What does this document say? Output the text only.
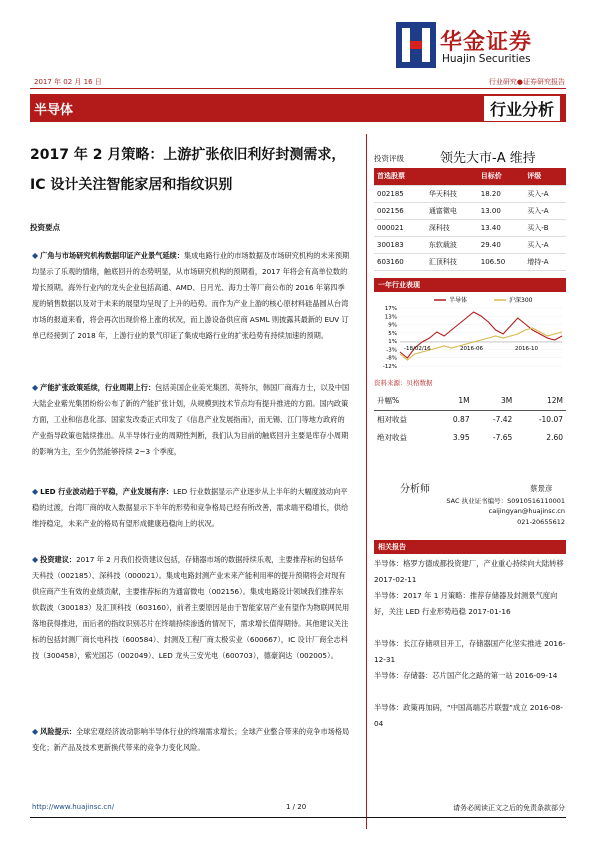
华金证券
Huajin Securities
2017 年 02 月 16 日	行业研究●证券研究报告
半导体	行业分析
2017 年 2 月策略：上游扩张依旧利好封测需求，IC 设计关注智能家居和指纹识别
投资要点
◆ 广角与市场研究机构数据印证产业景气延续：集成电路行业的市场数据及市场研究机构的未来预期均显示了乐观的情绪，触底回升的态势明显，从市场研究机构的预期看，2017 年将会有高单位数的增长预期。海外行业内的龙头企业包括高通、AMD、日月光、海力士等厂商公布的 2016 年第四季度的销售数据以及对于未来的展望均呈现了上升的趋势。而作为产业上游的核心原材料硅晶圆从台湾市场的报道来看，将会再次出现价格上涨的状况，而上游设备供应商 ASML 则披露其最新的 EUV 订单已经接到了 2018 年，上游行业的景气印证了集成电路行业的扩张趋势有持续加速的预期。
◆ 产能扩张政策延续，行业周期上行：包括美国企业美光集团、英特尔，韩国厂商海力士，以及中国大陆企业紫光集团纷纷公布了新的产能扩张计划，从规模到技术节点均有提升推进的方面。国内政策方面，工业和信息化部、国家发改委正式印发了《信息产业发展指南》，而无锡、江门等地方政府的产业指导政策也陆续推出。从半导体行业的周期性判断，我们认为目前的触底回升主要是库存小周期的影响为主，至少仍然能够持续 2~3 个季度，
◆ LED 行业波动趋于平稳，产业发展有序：LED 行业数据显示产业逐步从上半年的大幅度波动向平稳的过渡，台湾厂商的收入数据显示下半年的形势和竞争格局已经有所改善，需求端平稳增长，供给维持稳定，未来产业的格局有望形成健康趋稳向上的状况。
◆ 投资建议：2017 年 2 月我们投资建议包括，存储器市场的数据持续乐观，主要推荐标的包括华天科技（002185）、深科技（000021）。集成电路封测产业未来产能利用率的提升预期将会对现有供应商产生有效的业绩贡献，主要推荐标的为通富微电（002156）。集成电路设计领域我们推荐东软载波（300183）及汇顶科技（603160），前者主要原因是由于智能家居产业有望作为物联网民用落地获得推进，而后者的指纹识别芯片在终端持续渗透的情况下，需求增长值得期待。其他建议关注标的包括封测厂商长电科技（600584）、封测及工程厂商太极实业（600667），IC 设计厂商全志科技（300458），紫光国芯（002049）、LED 龙头三安光电（600703），德豪润达（002005）。
◆ 风险提示：全球宏观经济波动影响半导体行业的终端需求增长；全球产业整合带来的竞争市场格局变化；新产品及技术更新换代带来的竞争力变化风险。
投资评级	领先大市-A 维持
首选股票		目标价	评级
002185	华天科技	18.20	买入-A
002156	通富微电	13.00	买入-A
000021	深科技	13.40	买入-B
300183	东软载波	29.40	买入-A
603160	汇顶科技	106.50	增持-A
一年行业表现
17%
13%
9%
5%
1%
-3%
-8%
-12%
半导体	沪深300
-18/02/16	2016-06	2016-10
资料来源：贝格数据
升幅%	1M	3M	12M
相对收益	0.87	-7.42	-10.07
绝对收益	3.95	-7.65	2.60
分析师	蔡景彦
SAC 执业证书编号：S0910516110001
caijingyan@huajinsc.cn
021-20655612
相关报告
半导体：格罗方德成都投资建厂，产业重心持续向大陆转移 2017-02-11
半导体：2017 年 1 月策略：推荐存储器及封测景气度向好，关注 LED 行业形势趋稳 2017-01-16
半导体：长江存储项目开工，存储器国产化坚实推进 2016-12-31
半导体：存储器：芯片国产化之路的第一站 2016-09-14
半导体：政策再加码，“中国高端芯片联盟”成立 2016-08-04
http://www.huajinsc.cn/	1 / 20	请务必阅读正文之后的免责条款部分
